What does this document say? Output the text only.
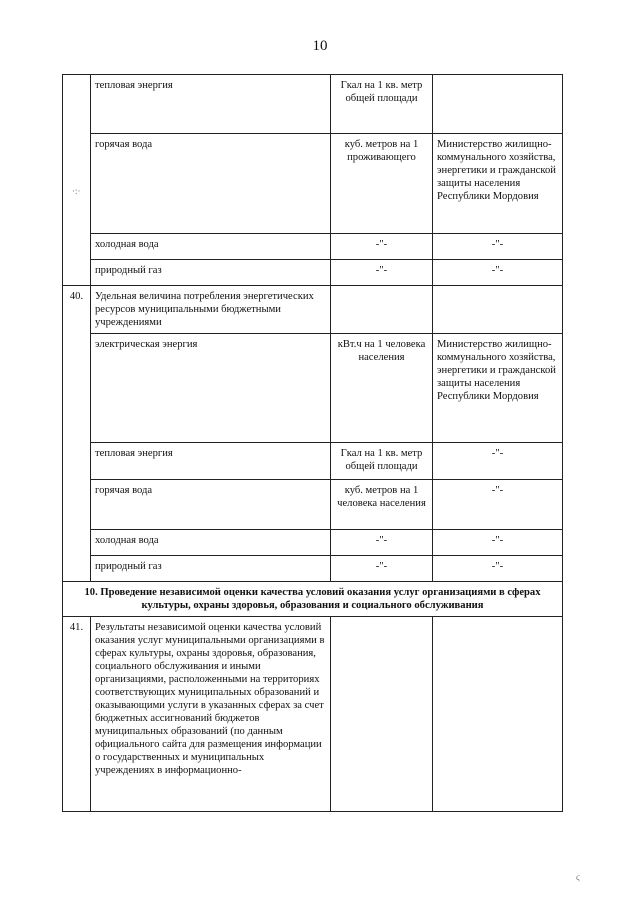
10
	тепловая энергия	Гкал на 1 кв. метр общей площади	
	горячая вода	куб. метров на 1 проживающего	Министерство жилищно-коммунального хозяйства, энергетики и гражданской защиты населения Республики Мордовия
	холодная вода	-"-	-"-
	природный газ	-"-	-"-
40.	Удельная величина потребления энергетических ресурсов муниципальными бюджетными учреждениями		
	электрическая энергия	кВт.ч на 1 человека населения	Министерство жилищно-коммунального хозяйства, энергетики и гражданской защиты населения Республики Мордовия
	тепловая энергия	Гкал на 1 кв. метр общей площади	-"-
	горячая вода	куб. метров на 1 человека населения	-"-
	холодная вода	-"-	-"-
	природный газ	-"-	-"-
10. Проведение независимой оценки качества условий оказания услуг организациями в сферах культуры, охраны здоровья, образования и социального обслуживания			
41.	Результаты независимой оценки качества условий оказания услуг муниципальными организациями в сферах культуры, охраны здоровья, образования, социального обслуживания и иными организациями, расположенными на территориях соответствующих муниципальных образований и оказывающими услуги в указанных сферах за счет бюджетных ассигнований бюджетов муниципальных образований (по данным официального сайта для размещения информации о государственных и муниципальных учреждениях в информационно-		
·:·
ϛ
